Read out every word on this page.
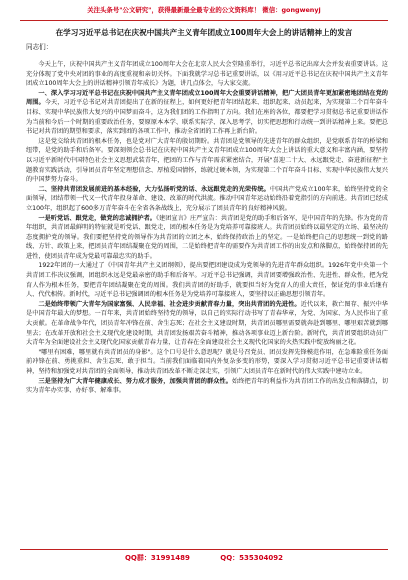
关注头条号"公文研究"，获得最新最全最专业的公文资料库！ 微信：gongwenyj
在学习习近平总书记在庆祝中国共产主义青年团成立100周年大会上的讲话精神上的发言
同志们：

今天上午，庆祝中国共产主义青年团成立100周年大会在北京人民大会堂隆重举行，习近平总书记出席大会并发表重要讲话。这充分体现了党中央对团的事业的高度重视和亲切关怀。下面我就学习总书记重要讲话，以《用习近平总书记在庆祝中国共产主义青年团成立100周年大会上的讲话精神引领青年成长》为题，讲几点体会，与大家交流。

一、深入学习习近平总书记在庆祝中国共产主义青年团成立100周年大会重要讲话精神，把广大团员青年更加紧密地团结在党的周围。今天，习近平总书记对共青团提出了在新的征程上，如何更好把青年团结起来、组织起来、动员起来，为实现第二个百年奋斗目标、实现中华民族伟大复兴的中国梦而奋斗，这为我们团的工作指明了方向。我们在座的各位，都要把学习贯彻总书记重要讲话作为当前和今后一个时期的重要政治任务，要原原本本学、联系实际学、深入思考学，切实把思想和行动统一到讲话精神上来。要把总书记对共青团的期望和要求，落实到团的各项工作中，推动全省团的工作再上新台阶。

这是党交给共青团的根本任务，也是党对广大青年的殷切期盼。共青团是党领导的先进青年的群众组织，是党联系青年的桥梁和纽带，是党的助手和后备军。要深刻领会总书记在庆祝中国共产主义青年团成立100周年大会上讲话的重大意义和丰富内涵，要坚持以习近平新时代中国特色社会主义思想武装青年，把团的工作与青年需求紧密结合，开展"喜迎二十大、永远跟党走、奋进新征程"主题教育实践活动，引导团员青年坚定理想信念、厚植爱国情怀，练就过硬本领，为实现第二个百年奋斗目标、实现中华民族伟大复兴的中国梦努力奋斗。

二、坚持共青团发展前进的基本经验，大力弘扬听党的话、永远跟党走的光荣传统。中国共产党成立100年来，始终坚持党的全面领导，团结带领一代又一代青年投身革命、建设、改革的时代洪流。推动中国青年运动始终沿着党指引的方向前进。共青团已经成立100年，组织起了600多万青年奋斗在全省各条战线上，充分展示了团员青年的良好精神风貌。

一是听党话、跟党走，做党的忠诚拥护者。《建团宣言》庄严宣告：共青团是党的助手和后备军，是中国青年的先锋。作为党的青年组织，共青团最鲜明的特征就是听党话、跟党走，团的根本任务是为党培养可靠接班人。共青团员始终以最坚定的立场、最坚决的态度拥护党的领导。我们要把坚持党的领导作为共青团的立团之本，始终保持政治上的坚定。一是始终把自己的思想统一到党的路线、方针、政策上来，把团员青年团结凝聚在党的周围，二是始终把青年的需要作为共青团工作的出发点和落脚点，始终保持团的先进性，使团员青年成为党最可靠最忠实的助手。

1922年团的一大通过了《中国青年共产主义团纲领》，提出要把团建设成为党领导的先进青年群众组织。1926年党中央第一个共青团工作决议强调，团组织永远是党最亲密的助手和后备军。习近平总书记强调，共青团要增强政治性、先进性、群众性，把为党育人作为根本任务，要把青年团结凝聚在党的周围。我们共青团的好助手，就要担当好为党育人的重大责任，保证党的事业后继有人、代代相传。新时代，习近平总书记强调团的根本任务是为党培养可靠接班人，要坚持以正确思想引领青年。

二是始终带领广大青年为国家富强、人民幸福、社会进步贡献青春力量，突出共青团的先进性。近代以来，救亡图存、振兴中华是中国青年最大的梦想。一百年来，共青团始终坚持党的领导，以自己的实际行动书写了青春华章，为党、为国家、为人民作出了重大贡献。在革命战争年代，团员青年冲锋在前、舍生忘死；在社会主义建设时期，共青团员哪里需要就奔赴到哪里、哪里艰苦就到哪里去；在改革开放和社会主义现代化建设时期，共青团发扬艰苦奋斗精神，推动各项事业迈上新台阶。新时代，共青团要组织动员广大青年为全面建设社会主义现代化国家贡献青春力量，让青春在全面建设社会主义现代化国家的火热实践中绽放绚丽之花。

"哪里有困难，哪里就有共青团员的身影"。这个口号是什么意思呢？就是号召党员、团员发挥先锋模范作用，在急难险重任务面前冲锋在前、勇挑重担、舍生忘死、敢于担当。当前我们面临着国内外复杂多变的形势，要深入学习贯彻习近平总书记重要讲话精神，坚持和加强党对共青团的全面领导，推动共青团改革不断走深走实，引领广大团员青年在新时代的伟大实践中建功立业。

三是坚持为广大青年健康成长、努力成才服务，加强共青团的群众性。始终把青年的利益作为共青团工作的出发点和落脚点，切实为青年办实事、办好事、解难事。

QQ群：31991489	QQ：535304092
